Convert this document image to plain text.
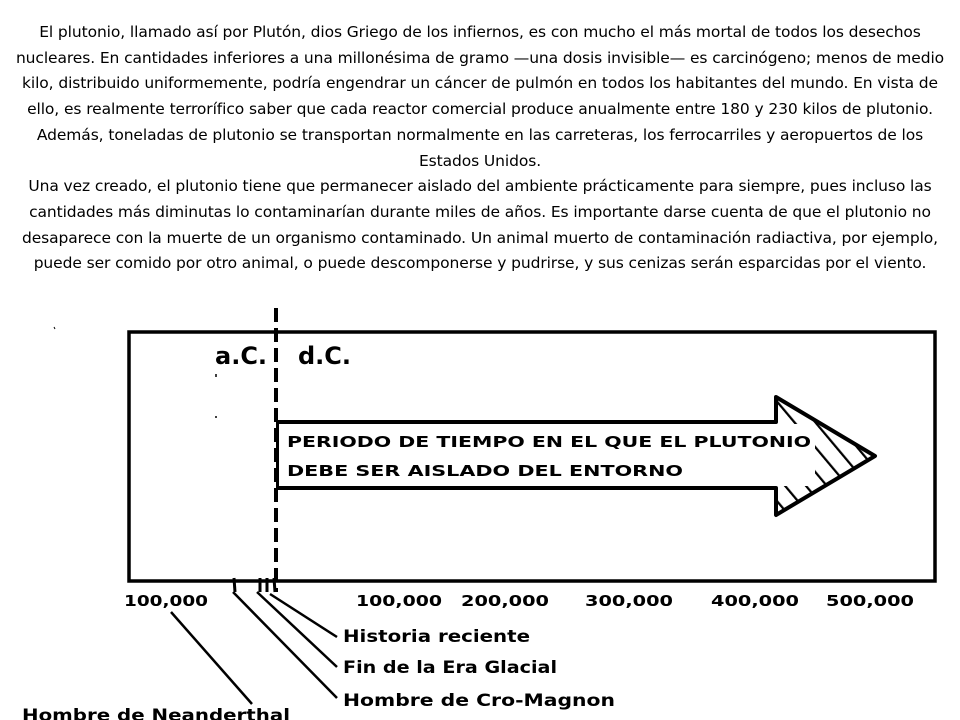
El plutonio, llamado así por Plutón, dios Griego de los infiernos, es con mucho el más mortal de todos los desechos nucleares. En cantidades inferiores a una millonésima de gramo —una dosis invisible— es carcinógeno; menos de medio kilo, distribuido uniformemente, podría engendrar un cáncer de pulmón en todos los habitantes del mundo. En vista de ello, es realmente terrorífico saber que cada reactor comercial produce anualmente entre 180 y 230 kilos de plutonio. Además, toneladas de plutonio se transportan normalmente en las carreteras, los ferrocarriles y aeropuertos de los Estados Unidos.

Una vez creado, el plutonio tiene que permanecer aislado del ambiente prácticamente para siempre, pues incluso las cantidades más diminutas lo contaminarían durante miles de años. Es importante darse cuenta de que el plutonio no desaparece con la muerte de un organismo contaminado. Un animal muerto de contaminación radiactiva, por ejemplo, puede ser comido por otro animal, o puede descomponerse y pudrirse, y sus cenizas serán esparcidas por el viento.

a.C. d.C.
PERIODO DE TIEMPO EN EL QUE EL PLUTONIO
DEBE SER AISLADO DEL ENTORNO
100,000	100,000 200,000 300,000 400,000 500,000
Historia reciente
Fin de la Era Glacial
Hombre de Cro-Magnon
Hombre de Neanderthal
